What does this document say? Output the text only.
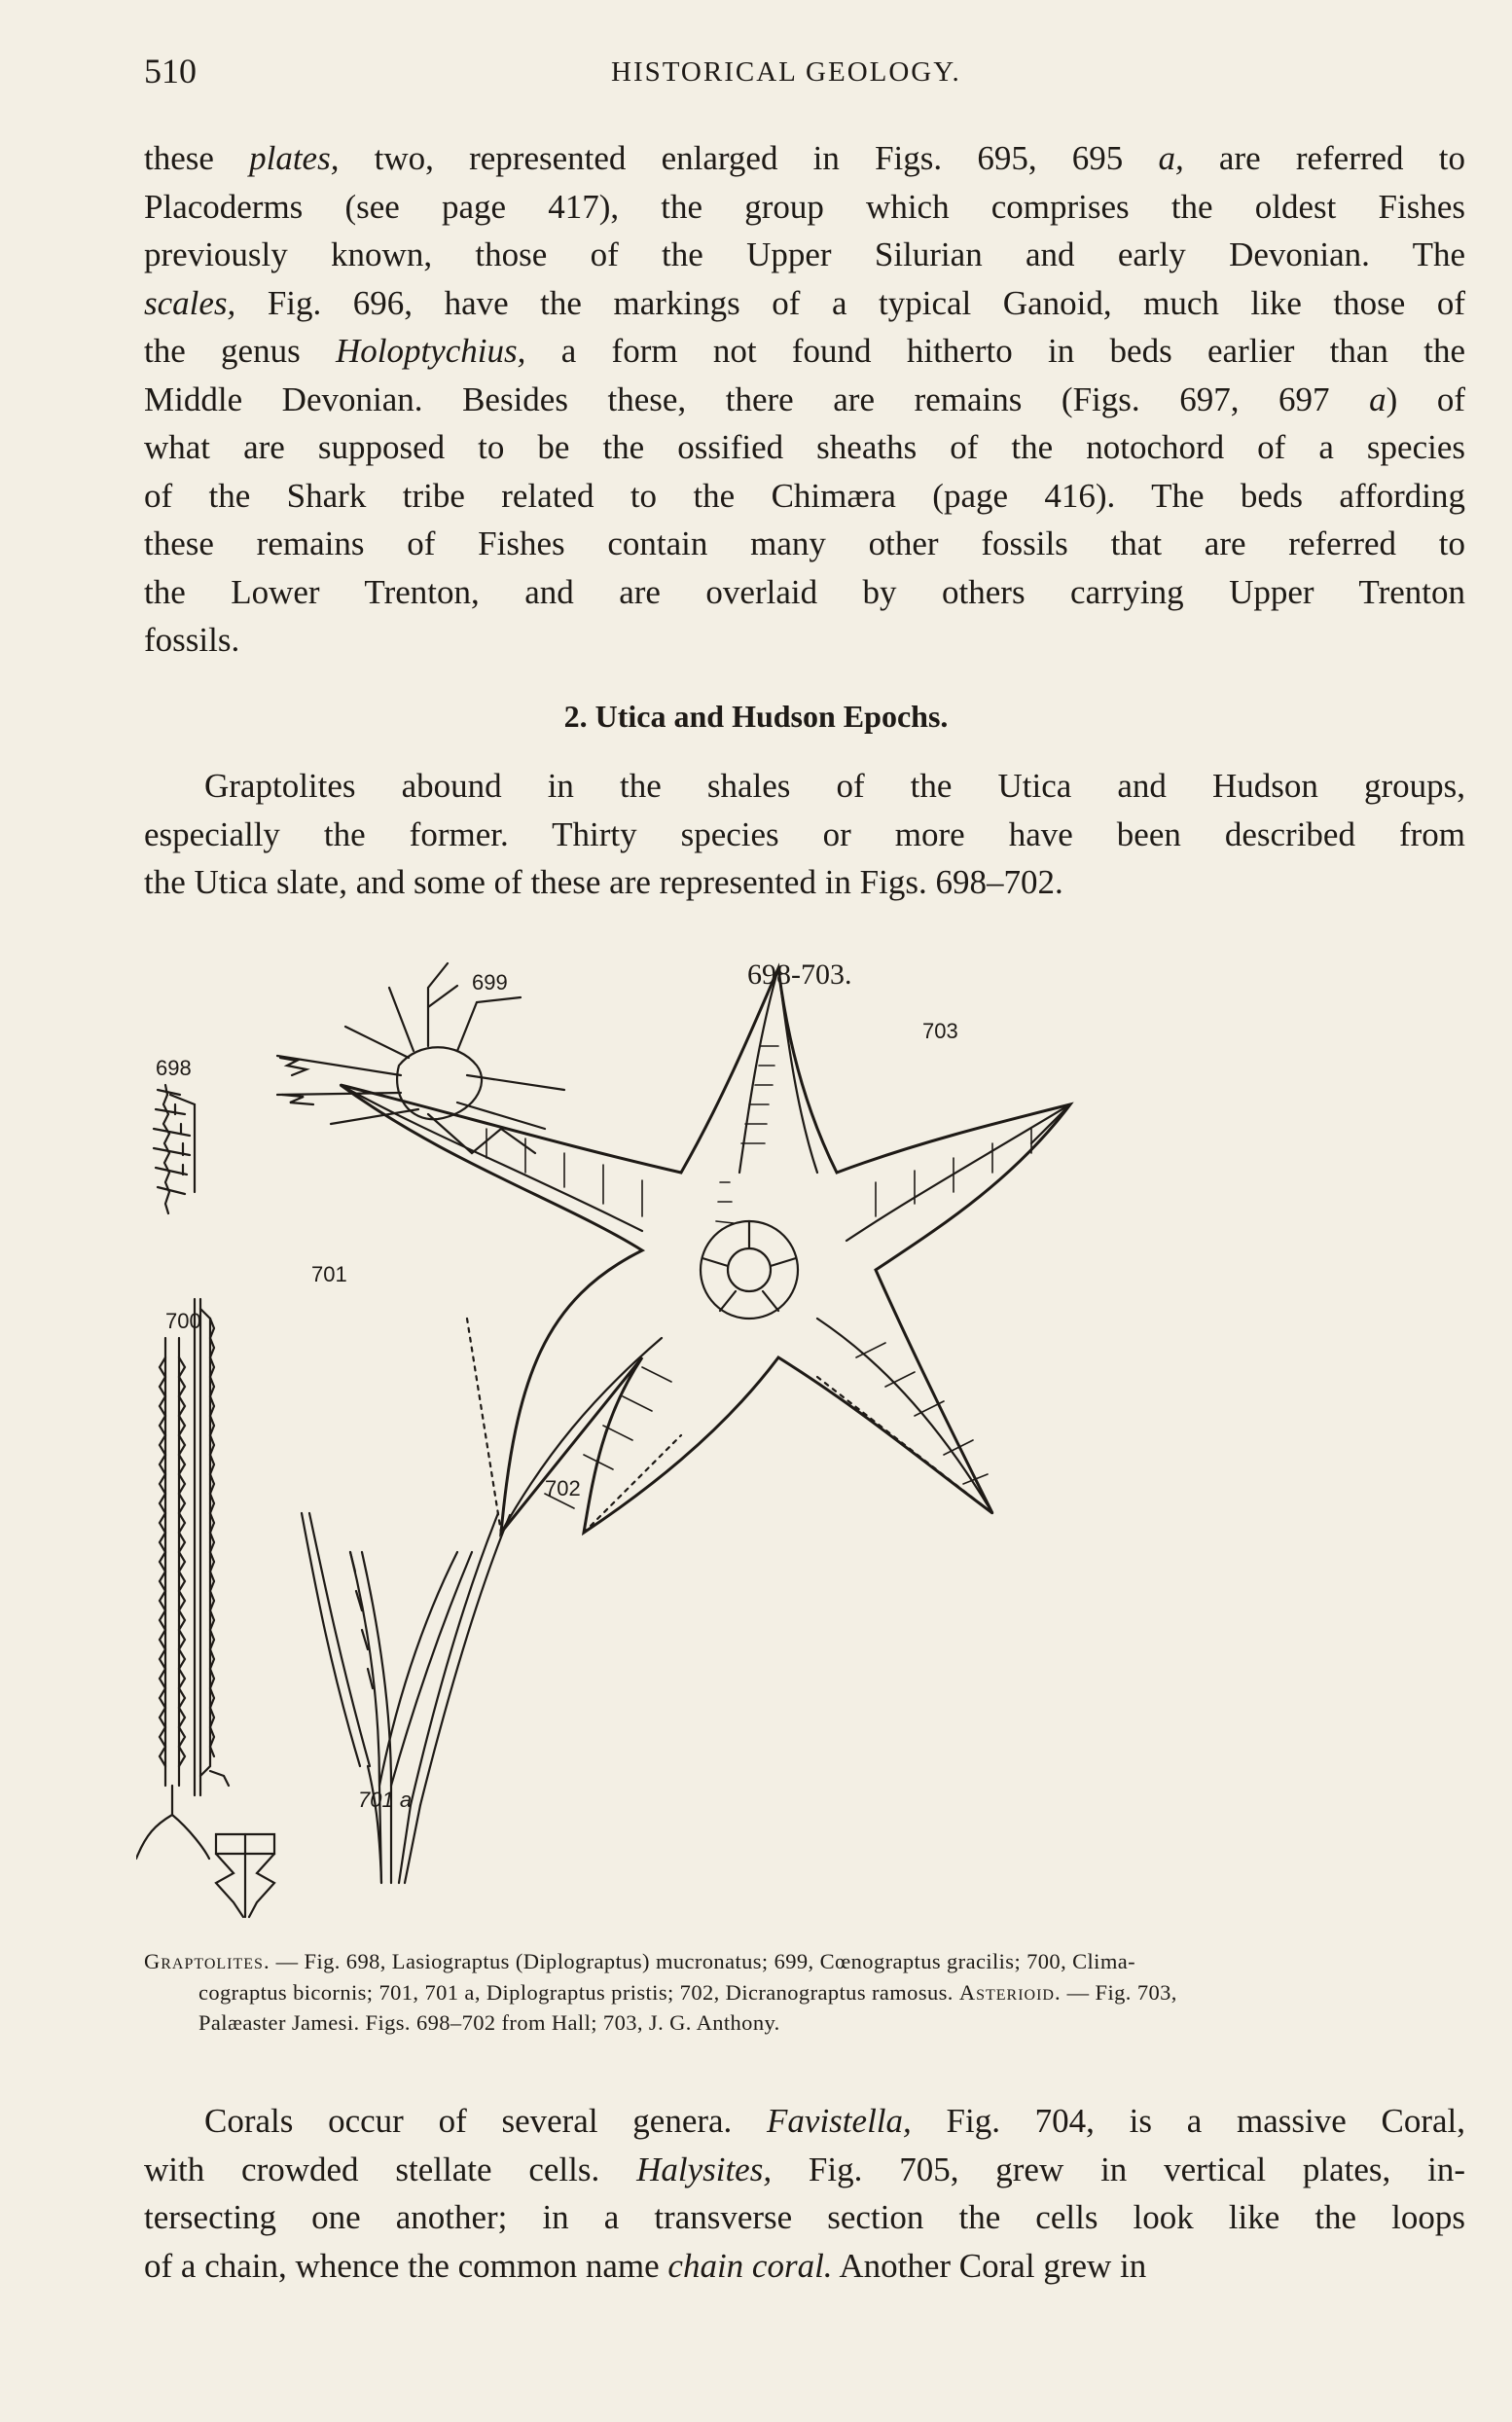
510	HISTORICAL GEOLOGY.
these plates, two, represented enlarged in Figs. 695, 695 a, are referred to
Placoderms (see page 417), the group which comprises the oldest Fishes
previously known, those of the Upper Silurian and early Devonian. The
scales, Fig. 696, have the markings of a typical Ganoid, much like those of
the genus Holoptychius, a form not found hitherto in beds earlier than the
Middle Devonian. Besides these, there are remains (Figs. 697, 697 a) of
what are supposed to be the ossified sheaths of the notochord of a species
of the Shark tribe related to the Chimæra (page 416). The beds affording
these remains of Fishes contain many other fossils that are referred to
the Lower Trenton, and are overlaid by others carrying Upper Trenton
fossils.
2. Utica and Hudson Epochs.
Graptolites abound in the shales of the Utica and Hudson groups,
especially the former. Thirty species or more have been described from
the Utica slate, and some of these are represented in Figs. 698–702.
698-703.
699
698
703
701
700
702
701 a
Graptolites. — Fig. 698, Lasiograptus (Diplograptus) mucronatus; 699, Cœnograptus gracilis; 700, Clima-
cograptus bicornis; 701, 701 a, Diplograptus pristis; 702, Dicranograptus ramosus. Asterioid. — Fig. 703,
Palæaster Jamesi. Figs. 698–702 from Hall; 703, J. G. Anthony.
Corals occur of several genera. Favistella, Fig. 704, is a massive Coral,
with crowded stellate cells. Halysites, Fig. 705, grew in vertical plates, in-
tersecting one another; in a transverse section the cells look like the loops
of a chain, whence the common name chain coral. Another Coral grew in
